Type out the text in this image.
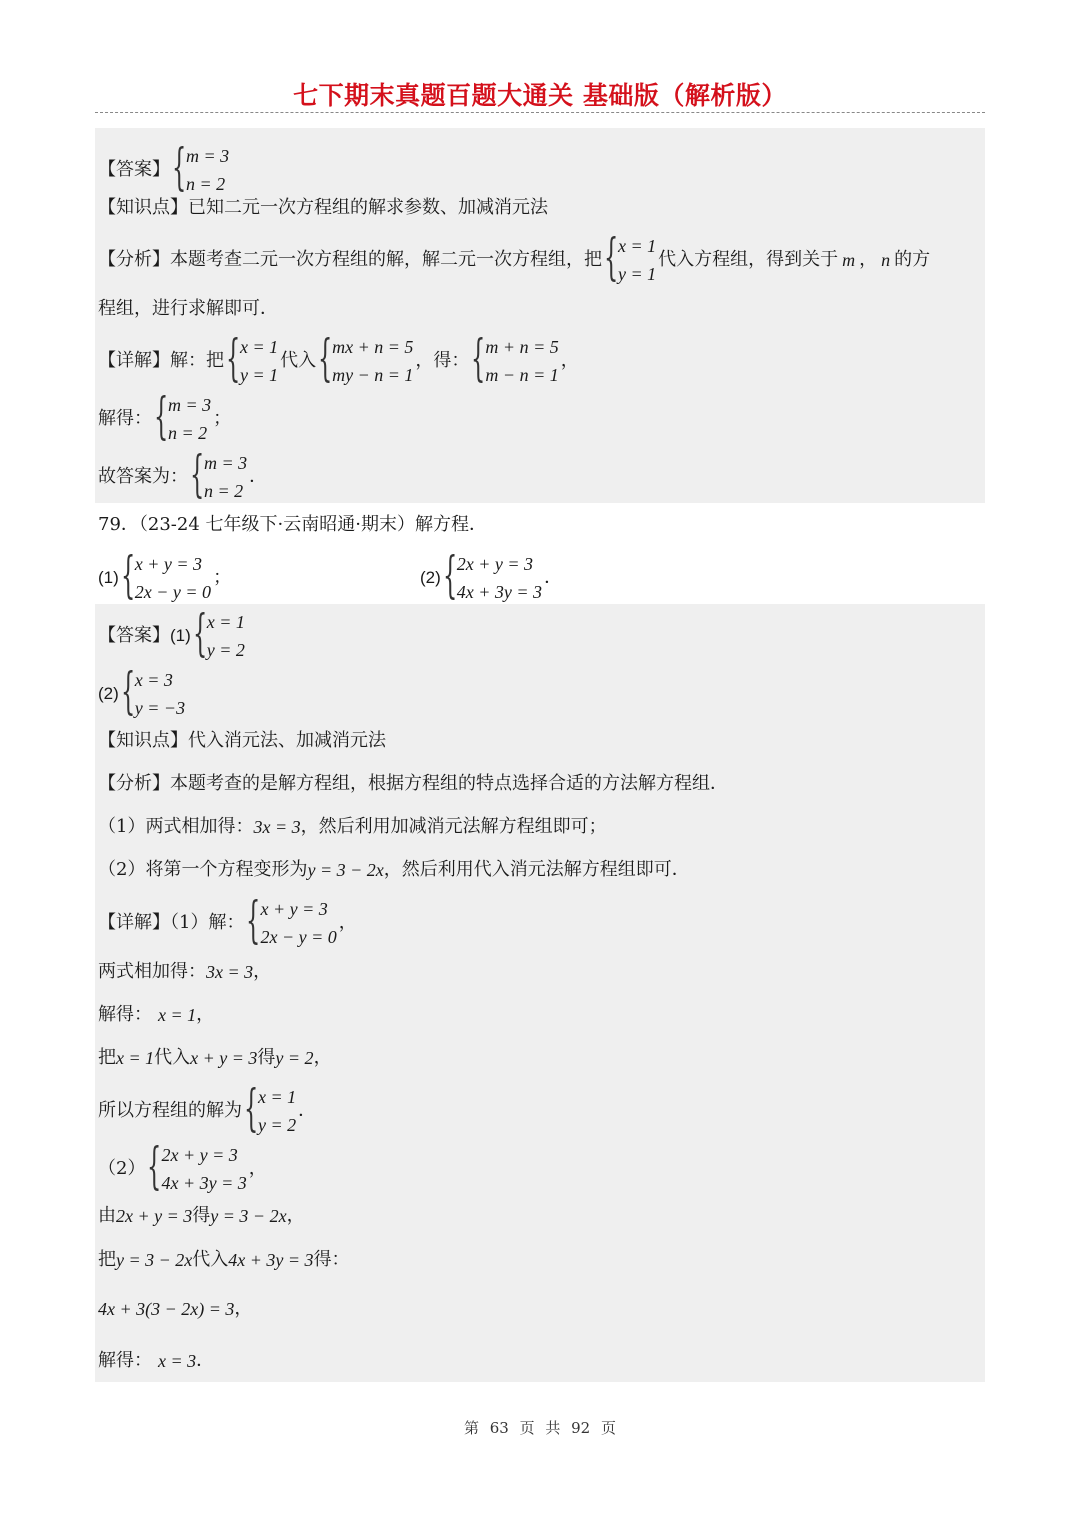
七下期末真题百题大通关 基础版（解析版）
【答案】 { m = 3
n = 2
【知识点】已知二元一次方程组的解求参数、加减消元法
【分析】本题考查二元一次方程组的解，解二元一次方程组，把 { x = 1
y = 1
代入方程组，得到关于 m ， n 的方
程组，进行求解即可．
【详解】解：把 { x = 1
y = 1
代入 { mx + n = 5
my − n = 1
，得： { m + n = 5
m − n = 1
，
解得： { m = 3
n = 2
；
故答案为： { m = 3
n = 2
．
79．（23-24 七年级下·云南昭通·期末）解方程．
(1) { x + y = 3
2x − y = 0
；	(2) { 2x + y = 3
4x + 3y = 3
．
【答案】 (1) { x = 1
y = 2
(2) { x = 3
y = −3
【知识点】代入消元法、加减消元法
【分析】本题考查的是解方程组，根据方程组的特点选择合适的方法解方程组．
（1）两式相加得： 3x = 3 ，然后利用加减消元法解方程组即可；
（2）将第一个方程变形为 y = 3 − 2x ，然后利用代入消元法解方程组即可．
【详解】（1）解： { x + y = 3
2x − y = 0
，
两式相加得： 3x = 3 ，
解得： x = 1 ，
把 x = 1 代入 x + y = 3 得 y = 2 ，
所以方程组的解为 { x = 1
y = 2
．
（2） { 2x + y = 3
4x + 3y = 3
，
由 2x + y = 3 得 y = 3 − 2x ，
把 y = 3 − 2x 代入 4x + 3y = 3 得：
4x + 3(3 − 2x) = 3 ，
解得： x = 3 ．
第 63 页 共 92 页
